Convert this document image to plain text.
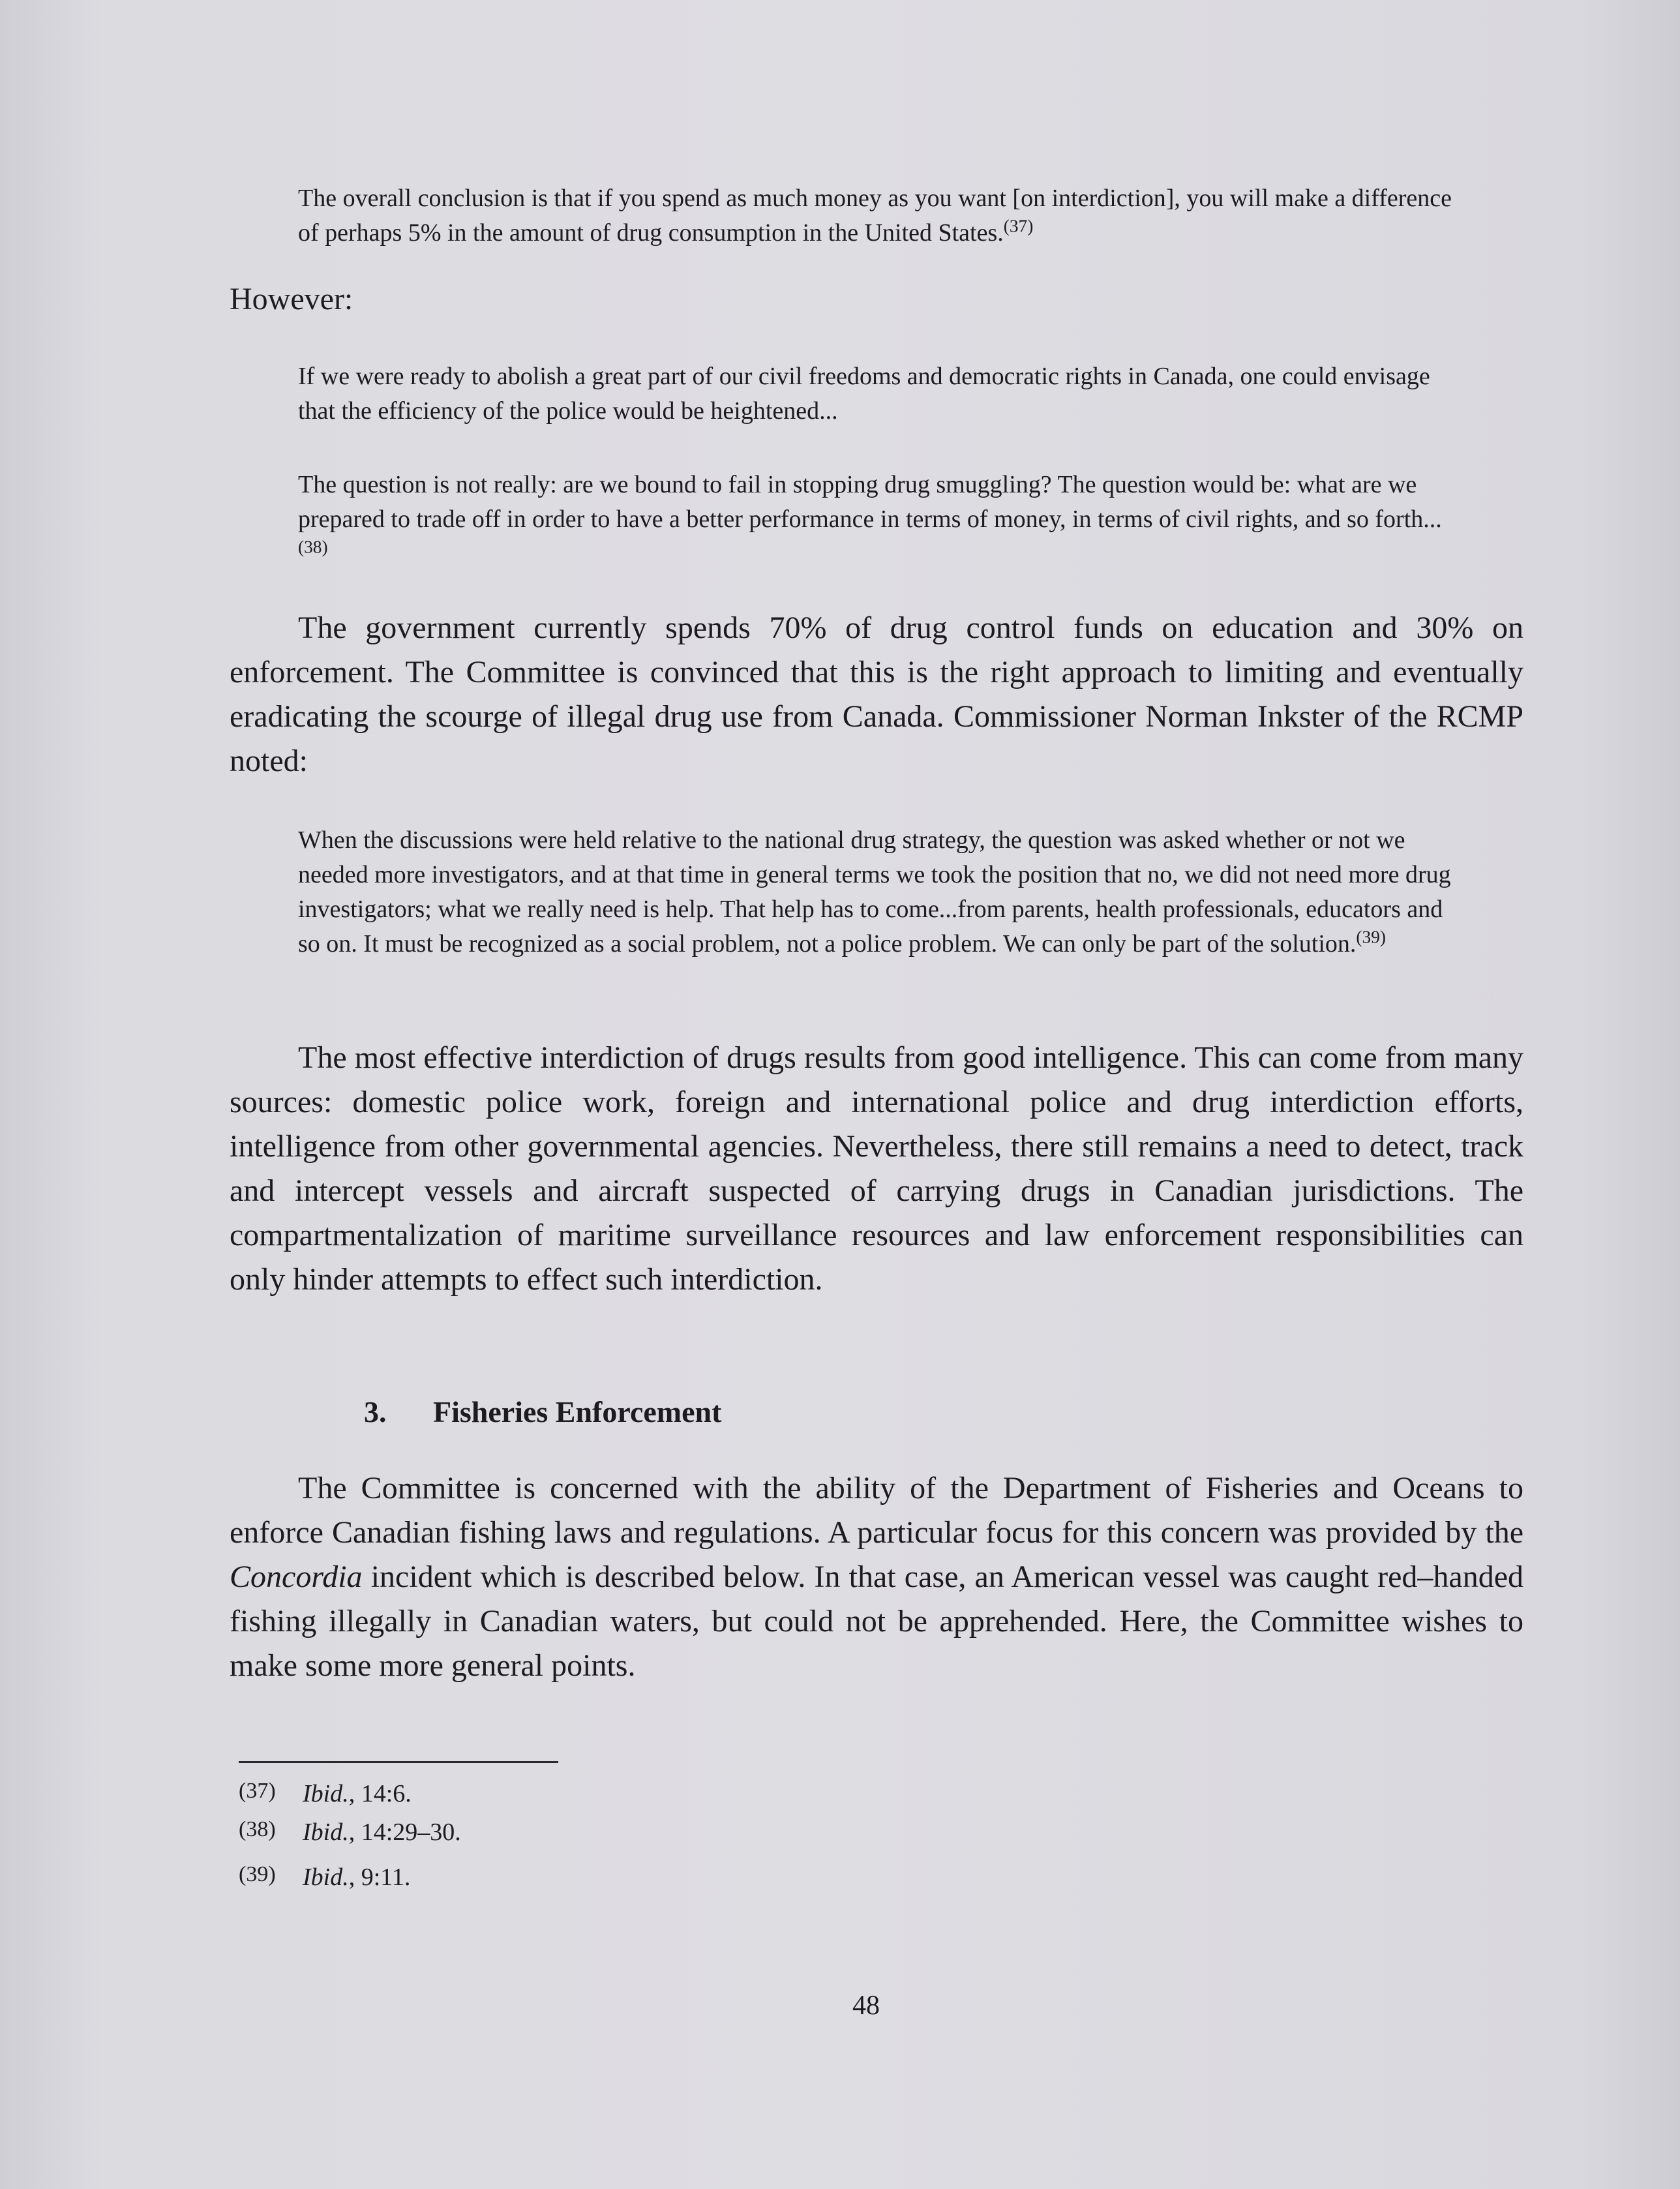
The overall conclusion is that if you spend as much money as you want [on interdiction], you will make a difference of perhaps 5% in the amount of drug consumption in the United States.$^{(37)}$

However:

If we were ready to abolish a great part of our civil freedoms and democratic rights in Canada, one could envisage that the efficiency of the police would be heightened...

The question is not really: are we bound to fail in stopping drug smuggling? The question would be: what are we prepared to trade off in order to have a better performance in terms of money, in terms of civil rights, and so forth...$^{(38)}$

The government currently spends 70% of drug control funds on education and 30% on enforcement. The Committee is convinced that this is the right approach to limiting and eventually eradicating the scourge of illegal drug use from Canada. Commissioner Norman Inkster of the RCMP noted:

When the discussions were held relative to the national drug strategy, the question was asked whether or not we needed more investigators, and at that time in general terms we took the position that no, we did not need more drug investigators; what we really need is help. That help has to come...from parents, health professionals, educators and so on. It must be recognized as a social problem, not a police problem. We can only be part of the solution.$^{(39)}$

The most effective interdiction of drugs results from good intelligence. This can come from many sources: domestic police work, foreign and international police and drug interdiction efforts, intelligence from other governmental agencies. Nevertheless, there still remains a need to detect, track and intercept vessels and aircraft suspected of carrying drugs in Canadian jurisdictions. The compartmentalization of maritime surveillance resources and law enforcement responsibilities can only hinder attempts to effect such interdiction.

3. Fisheries Enforcement

The Committee is concerned with the ability of the Department of Fisheries and Oceans to enforce Canadian fishing laws and regulations. A particular focus for this concern was provided by the Concordia incident which is described below. In that case, an American vessel was caught red–handed fishing illegally in Canadian waters, but could not be apprehended. Here, the Committee wishes to make some more general points.

(37) Ibid., 14:6.

(38) Ibid., 14:29–30.

(39) Ibid., 9:11.

48
